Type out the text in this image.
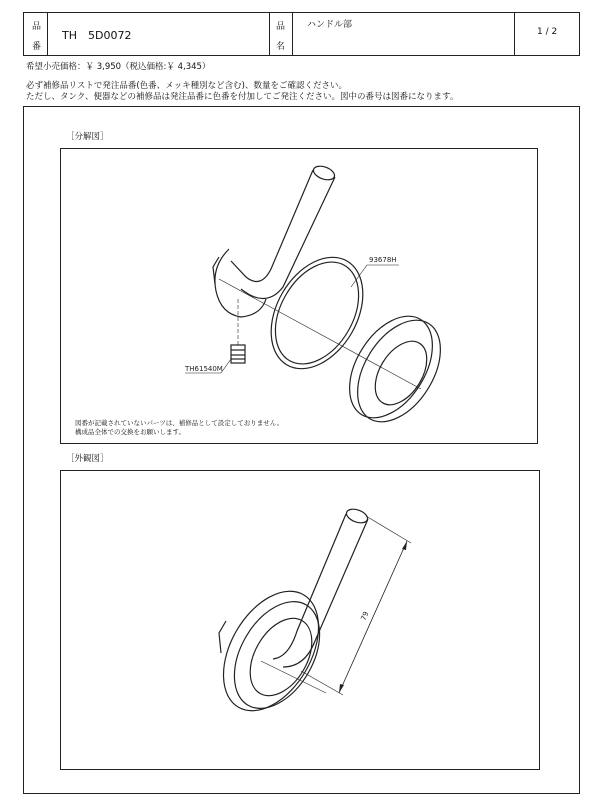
品
番
TH　5D0072
品
名
ハンドル部
1 / 2
希望小売価格：￥ 3,950（税込価格:￥ 4,345）
必ず補修品リストで発注品番(色番、メッキ種別など含む)、数量をご確認ください。
ただし、タンク、便器などの補修品は発注品番に色番を付加してご発注ください。図中の番号は図番になります。
［分解図］
93678H
TH61540M
図番が記載されていないパーツは、補修品として設定しておりません。
構成品全体での交換をお願いします。
［外観図］
79
